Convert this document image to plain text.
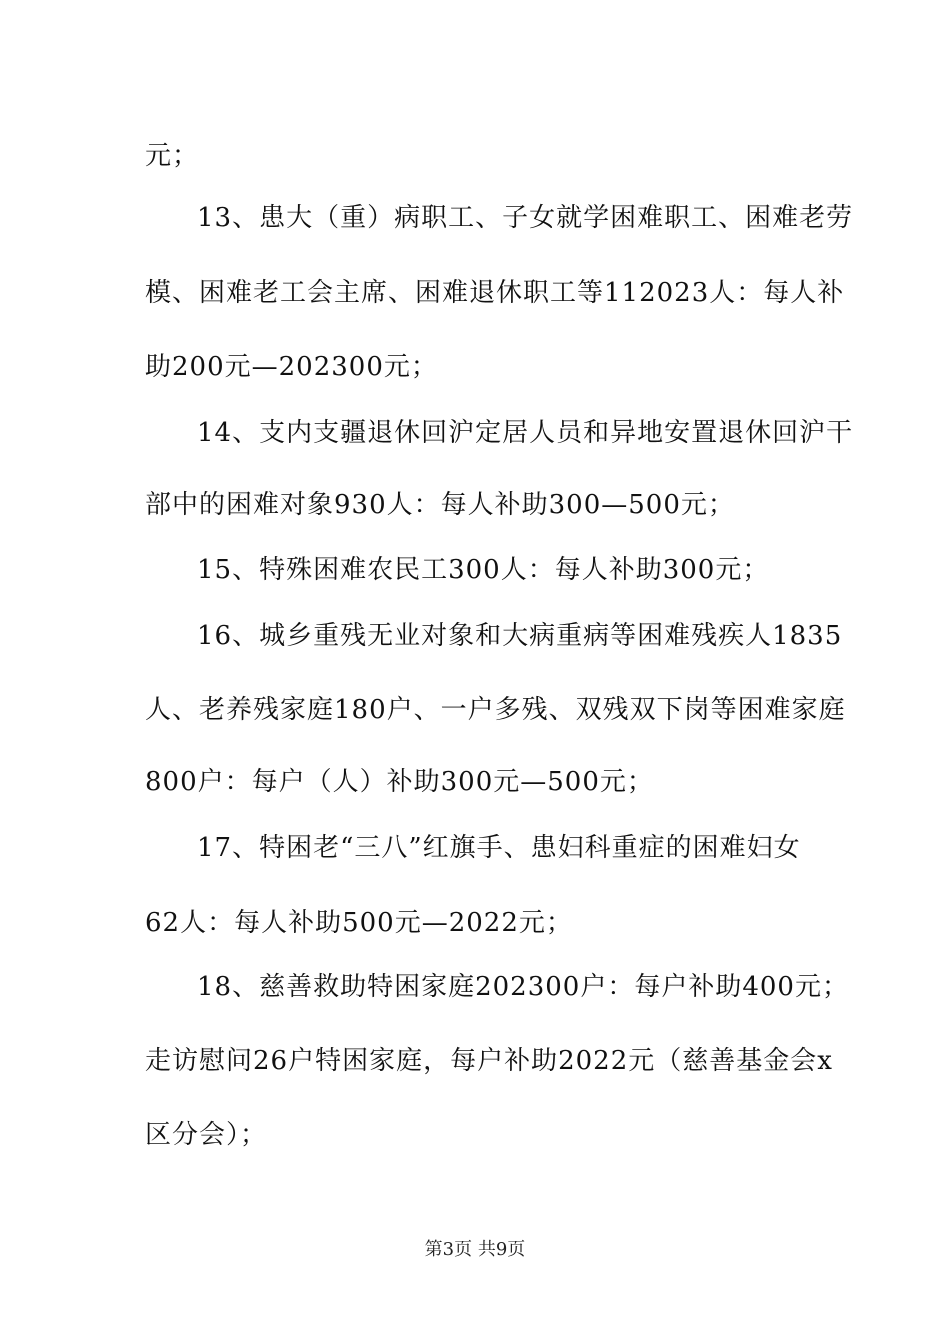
元；
13、患大（重）病职工、子女就学困难职工、困难老劳
模、困难老工会主席、困难退休职工等112023人：每人补
助200元—202300元；
14、支内支疆退休回沪定居人员和异地安置退休回沪干
部中的困难对象930人：每人补助300—500元；
15、特殊困难农民工300人：每人补助300元；
16、城乡重残无业对象和大病重病等困难残疾人1835
人、老养残家庭180户、一户多残、双残双下岗等困难家庭
800户：每户（人）补助300元—500元；
17、特困老“三八”红旗手、患妇科重症的困难妇女
62人：每人补助500元—2022元；
18、慈善救助特困家庭202300户：每户补助400元；
走访慰问26户特困家庭，每户补助2022元（慈善基金会x
区分会）；
第3页 共9页
